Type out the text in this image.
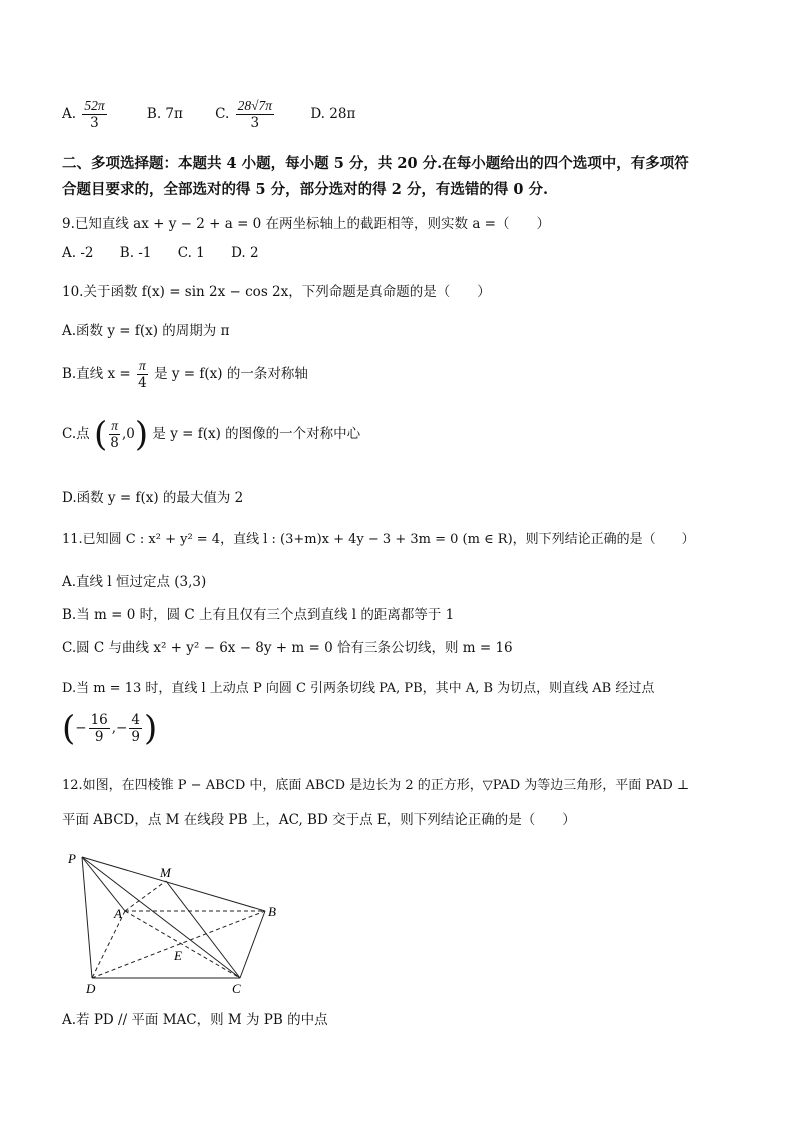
A. $\frac{52\pi}{3}$	B. 7π C. $\frac{28√7\pi}{3}$	D. 28π
二、多项选择题：本题共 4 小题，每小题 5 分，共 20 分.在每小题给出的四个选项中，有多项符
合题目要求的，全部选对的得 5 分，部分选对的得 2 分，有选错的得 0 分.
9.已知直线 ax + y − 2 + a = 0 在两坐标轴上的截距相等，则实数 a =（　　）
A. -2 B. -1 C. 1 D. 2
10.关于函数 f(x) = sin 2x − cos 2x，下列命题是真命题的是（　　）
A.函数 y = f(x) 的周期为 π
B.直线 $x = \frac{\pi}{4}$ 是 y = f(x) 的一条对称轴
C.点 ( $\frac{\pi}{8} ,0$) 是 y = f(x) 的图像的一个对称中心
D.函数 y = f(x) 的最大值为 2
11.已知圆 C : x² + y² = 4，直线 l : (3+m)x + 4y − 3 + 3m = 0 (m ∈ R)，则下列结论正确的是（　　）
A.直线 l 恒过定点 (3,3)
B.当 m = 0 时，圆 C 上有且仅有三个点到直线 l 的距离都等于 1
C.圆 C 与曲线 x² + y² − 6x − 8y + m = 0 恰有三条公切线，则 m = 16
D.当 m = 13 时，直线 l 上动点 P 向圆 C 引两条切线 PA, PB，其中 A, B 为切点，则直线 AB 经过点
(− $\frac{16}{9}$ ,− $\frac{4}{9}$ )
12.如图，在四棱锥 P − ABCD 中，底面 ABCD 是边长为 2 的正方形，▽PAD 为等边三角形，平面 PAD ⊥
平面 ABCD，点 M 在线段 PB 上，AC, BD 交于点 E，则下列结论正确的是（　　）
P
M
A	B
E
D	C
A.若 PD // 平面 MAC，则 M 为 PB 的中点
